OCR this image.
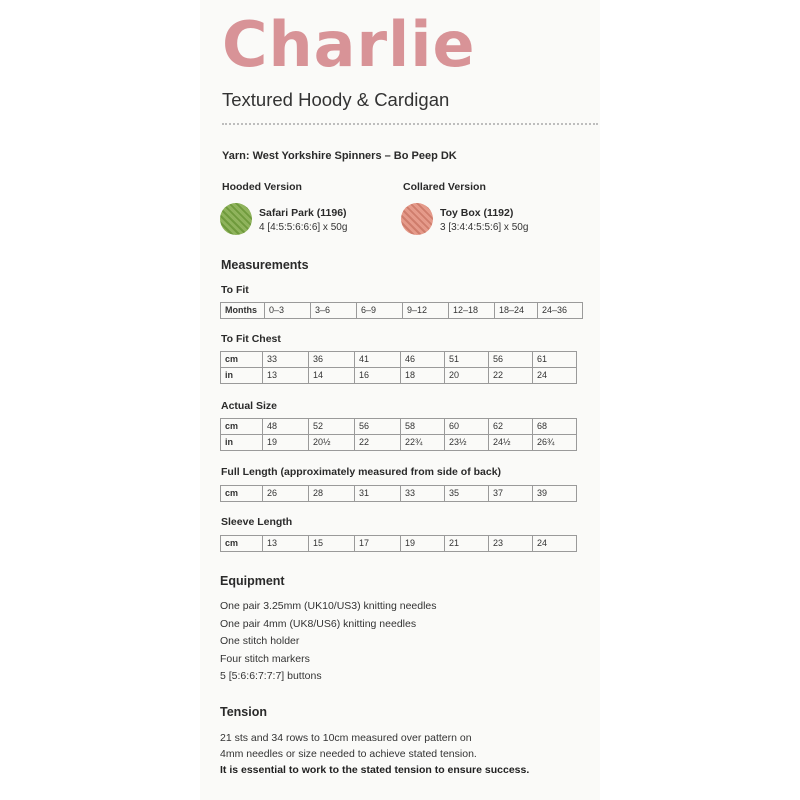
Charlie
Textured Hoody & Cardigan
Yarn: West Yorkshire Spinners – Bo Peep DK
Hooded Version	Collared Version
Safari Park (1196)
4 [4:5:5:6:6:6] x 50g
Toy Box (1192)
3 [3:4:4:5:5:6] x 50g
Measurements
To Fit
Months	0–3	3–6	6–9	9–12	12–18	18–24	24–36
To Fit Chest
cm	33	36	41	46	51	56	61
in	13	14	16	18	20	22	24
Actual Size
cm	48	52	56	58	60	62	68
in	19	20½	22	22¾	23½	24½	26¾
Full Length (approximately measured from side of back)
cm	26	28	31	33	35	37	39
Sleeve Length
cm	13	15	17	19	21	23	24
Equipment
One pair 3.25mm (UK10/US3) knitting needles
One pair 4mm (UK8/US6) knitting needles
One stitch holder
Four stitch markers
5 [5:6:6:7:7:7] buttons
Tension
21 sts and 34 rows to 10cm measured over pattern on
4mm needles or size needed to achieve stated tension.
It is essential to work to the stated tension to ensure success.
